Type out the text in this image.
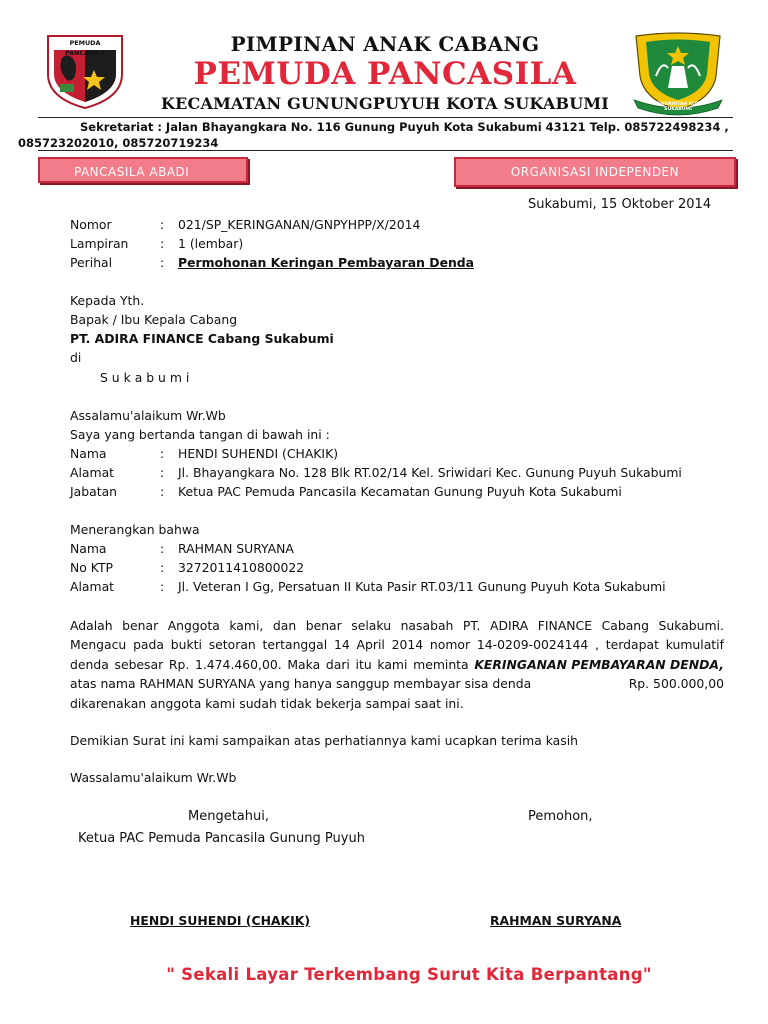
PEMUDA PANCASILA
PEMERINTAH KOTA SUKABUMI
PIMPINAN ANAK CABANG
PEMUDA PANCASILA
KECAMATAN GUNUNGPUYUH KOTA SUKABUMI
Sekretariat : Jalan Bhayangkara No. 116 Gunung Puyuh Kota Sukabumi 43121 Telp. 085722498234 ,
085723202010, 085720719234
PANCASILA ABADI	ORGANISASI INDEPENDEN
Sukabumi, 15 Oktober 2014
Nomor	: 021/SP_KERINGANAN/GNPYHPP/X/2014
Lampiran	: 1 (lembar)
Perihal	: Permohonan Keringan Pembayaran Denda
Kepada Yth.
Bapak / Ibu Kepala Cabang
PT. ADIRA FINANCE Cabang Sukabumi
di
S u k a b u m i
Assalamu'alaikum Wr.Wb
Saya yang bertanda tangan di bawah ini :
Nama	: HENDI SUHENDI (CHAKIK)
Alamat	: Jl. Bhayangkara No. 128 Blk RT.02/14 Kel. Sriwidari Kec. Gunung Puyuh Sukabumi
Jabatan	: Ketua PAC Pemuda Pancasila Kecamatan Gunung Puyuh Kota Sukabumi
Menerangkan bahwa
Nama	: RAHMAN SURYANA
No KTP	: 3272011410800022
Alamat	: Jl. Veteran I Gg, Persatuan II Kuta Pasir RT.03/11 Gunung Puyuh Kota Sukabumi
Adalah benar Anggota kami, dan benar selaku nasabah PT. ADIRA FINANCE Cabang Sukabumi.
Mengacu pada bukti setoran tertanggal 14 April 2014 nomor 14-0209-0024144 , terdapat kumulatif
denda sebesar Rp. 1.474.460,00. Maka dari itu kami meminta KERINGANAN PEMBAYARAN DENDA,
atas nama RAHMAN SURYANA yang hanya sanggup membayar sisa denda	Rp. 500.000,00
dikarenakan anggota kami sudah tidak bekerja sampai saat ini.
Demikian Surat ini kami sampaikan atas perhatiannya kami ucapkan terima kasih
Wassalamu'alaikum Wr.Wb
Mengetahui,
Ketua PAC Pemuda Pancasila Gunung Puyuh
Pemohon,
HENDI SUHENDI (CHAKIK)	RAHMAN SURYANA
" Sekali Layar Terkembang Surut Kita Berpantang"
